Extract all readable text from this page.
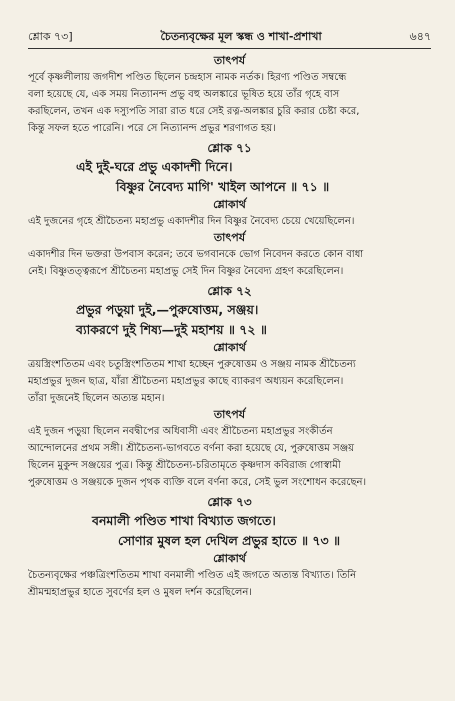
শ্লোক ৭৩]	চৈতন্যবৃক্ষের মূল স্কন্ধ ও শাখা-প্রশাখা	৬৪৭

তাৎপর্য

পূর্বে কৃষ্ণলীলায় জগদীশ পণ্ডিত ছিলেন চন্দ্রহাস নামক নর্তক। হিরণ্য পণ্ডিত সম্বন্ধে

বলা হয়েছে যে, এক সময় নিত্যানন্দ প্রভু বহু অলঙ্কারে ভূষিত হয়ে তাঁর গৃহে বাস

করছিলেন, তখন এক দস্যুপতি সারা রাত ধরে সেই রত্ন-অলঙ্কার চুরি করার চেষ্টা করে,

কিন্তু সফল হতে পারেনি। পরে সে নিত্যানন্দ প্রভুর শরণাগত হয়।

শ্লোক ৭১

এই দুই-ঘরে প্রভু একাদশী দিনে।

বিষ্ণুর নৈবেদ্য মাগি' খাইল আপনে ॥ ৭১ ॥

শ্লোকার্থ

এই দুজনের গৃহে শ্রীচৈতন্য মহাপ্রভু একাদশীর দিন বিষ্ণুর নৈবেদ্য চেয়ে খেয়েছিলেন।

তাৎপর্য

একাদশীর দিন ভক্তরা উপবাস করেন; তবে ভগবানকে ভোগ নিবেদন করতে কোন বাধা

নেই। বিষ্ণুতত্ত্বরূপে শ্রীচৈতন্য মহাপ্রভু সেই দিন বিষ্ণুর নৈবেদ্য গ্রহণ করেছিলেন।

শ্লোক ৭২

প্রভুর পড়ুয়া দুই,—পুরুষোত্তম, সঞ্জয়।

ব্যাকরণে দুই শিষ্য—দুই মহাশয় ॥ ৭২ ॥

শ্লোকার্থ

ত্রয়স্ত্রিংশতিতম এবং চতুস্ত্রিংশতিতম শাখা হচ্ছেন পুরুষোত্তম ও সঞ্জয় নামক শ্রীচৈতন্য

মহাপ্রভুর দুজন ছাত্র, যাঁরা শ্রীচৈতন্য মহাপ্রভুর কাছে ব্যাকরণ অধ্যয়ন করেছিলেন।

তাঁরা দুজনেই ছিলেন অত্যন্ত মহান।

তাৎপর্য

এই দুজন পড়ুয়া ছিলেন নবদ্বীপের অধিবাসী এবং শ্রীচৈতন্য মহাপ্রভুর সংকীর্তন

আন্দোলনের প্রথম সঙ্গী। শ্রীচৈতন্য-ভাগবতে বর্ণনা করা হয়েছে যে, পুরুষোত্তম সঞ্জয়

ছিলেন মুকুন্দ সঞ্জয়ের পুত্র। কিন্তু শ্রীচৈতন্য-চরিতামৃতে কৃষ্ণদাস কবিরাজ গোস্বামী

পুরুষোত্তম ও সঞ্জয়কে দুজন পৃথক ব্যক্তি বলে বর্ণনা করে, সেই ভুল সংশোধন করেছেন।

শ্লোক ৭৩

বনমালী পণ্ডিত শাখা বিখ্যাত জগতে।

সোণার মুষল হল দেখিল প্রভুর হাতে ॥ ৭৩ ॥

শ্লোকার্থ

চৈতন্যবৃক্ষের পঞ্চত্রিংশতিতম শাখা বনমালী পণ্ডিত এই জগতে অত্যন্ত বিখ্যাত। তিনি

শ্রীমন্মহাপ্রভুর হাতে সুবর্ণের হল ও মুষল দর্শন করেছিলেন।
